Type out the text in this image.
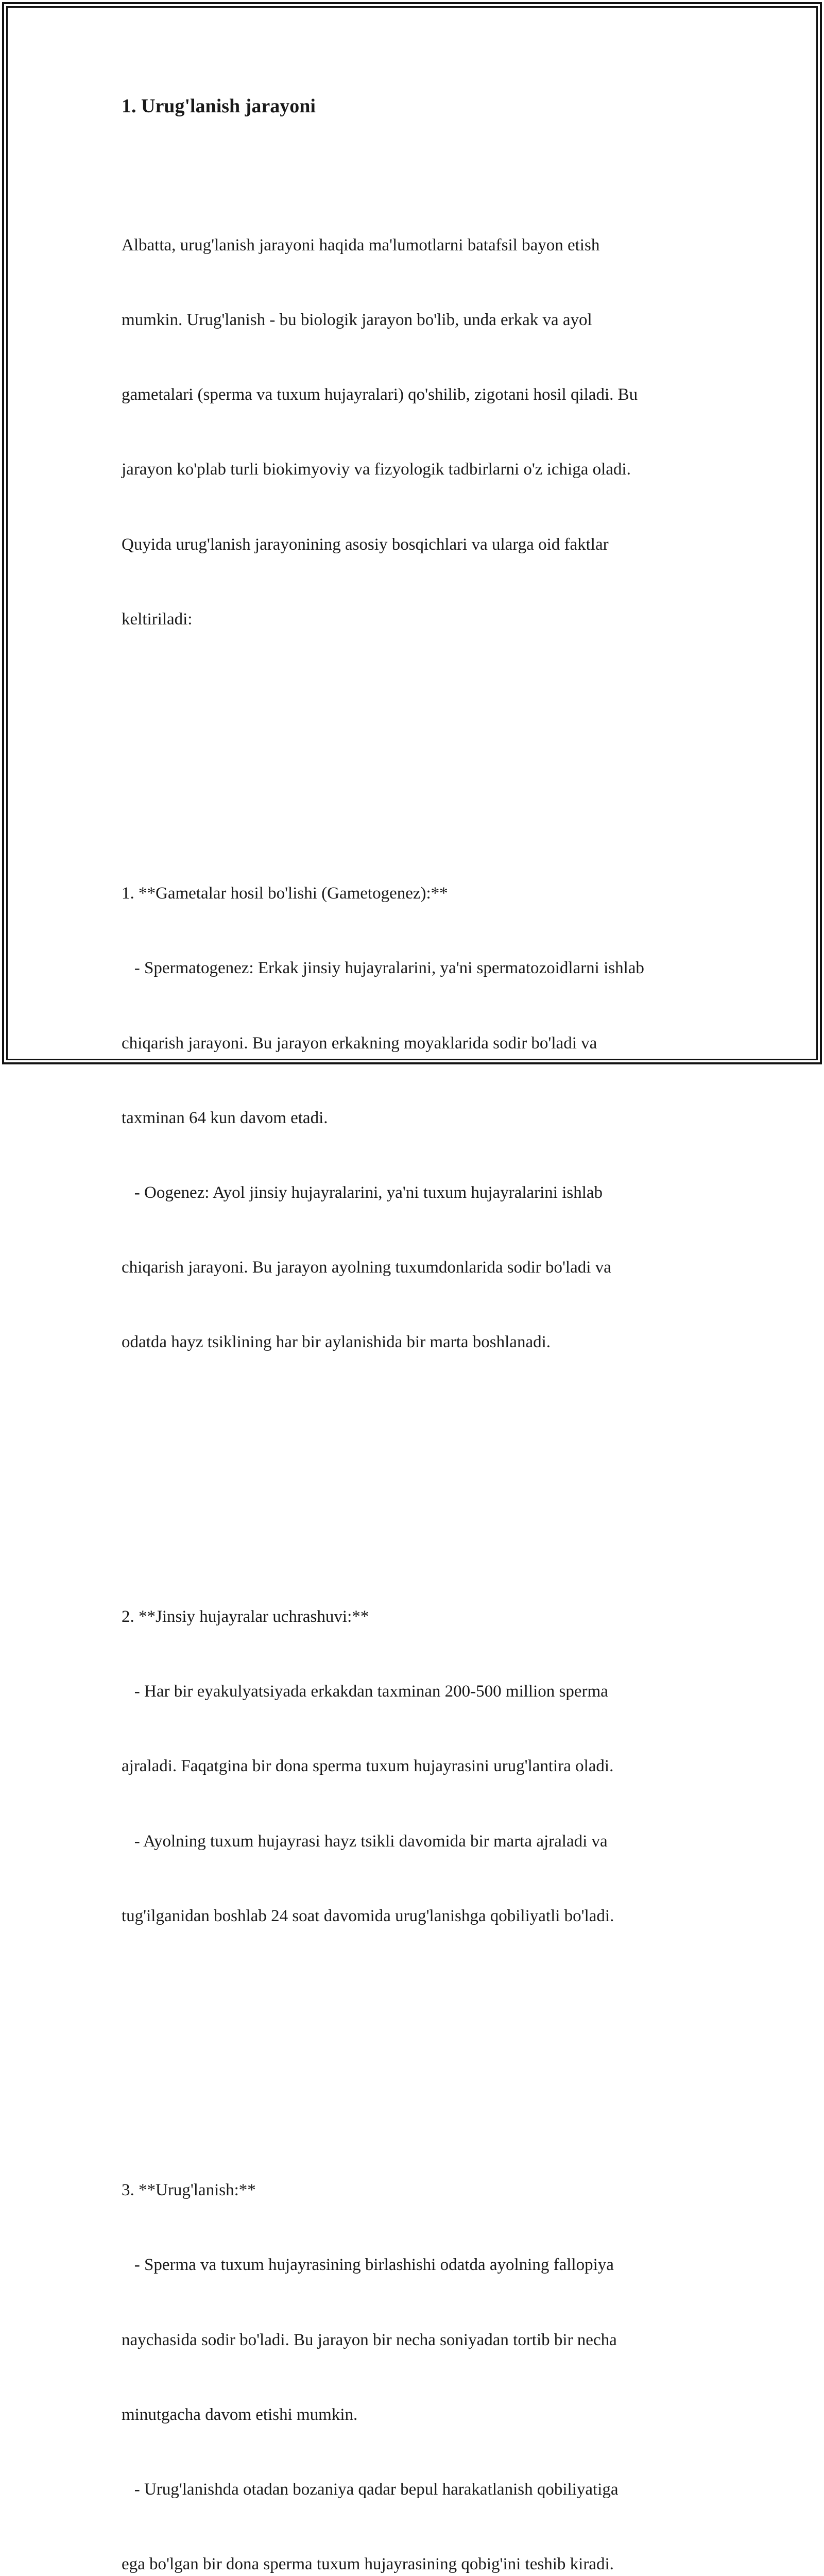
1. Urug'lanish jarayoni

Albatta, urug'lanish jarayoni haqida ma'lumotlarni batafsil bayon etish

mumkin. Urug'lanish - bu biologik jarayon bo'lib, unda erkak va ayol

gametalari (sperma va tuxum hujayralari) qo'shilib, zigotani hosil qiladi. Bu

jarayon ko'plab turli biokimyoviy va fizyologik tadbirlarni o'z ichiga oladi.

Quyida urug'lanish jarayonining asosiy bosqichlari va ularga oid faktlar

keltiriladi:

1. **Gametalar hosil bo'lishi (Gametogenez):**

- Spermatogenez: Erkak jinsiy hujayralarini, ya'ni spermatozoidlarni ishlab

chiqarish jarayoni. Bu jarayon erkakning moyaklarida sodir bo'ladi va

taxminan 64 kun davom etadi.

- Oogenez: Ayol jinsiy hujayralarini, ya'ni tuxum hujayralarini ishlab

chiqarish jarayoni. Bu jarayon ayolning tuxumdonlarida sodir bo'ladi va

odatda hayz tsiklining har bir aylanishida bir marta boshlanadi.

2. **Jinsiy hujayralar uchrashuvi:**

- Har bir eyakulyatsiyada erkakdan taxminan 200-500 million sperma

ajraladi. Faqatgina bir dona sperma tuxum hujayrasini urug'lantira oladi.

- Ayolning tuxum hujayrasi hayz tsikli davomida bir marta ajraladi va

tug'ilganidan boshlab 24 soat davomida urug'lanishga qobiliyatli bo'ladi.

3. **Urug'lanish:**

- Sperma va tuxum hujayrasining birlashishi odatda ayolning fallopiya

naychasida sodir bo'ladi. Bu jarayon bir necha soniyadan tortib bir necha

minutgacha davom etishi mumkin.

- Urug'lanishda otadan bozaniya qadar bepul harakatlanish qobiliyatiga

ega bo'lgan bir dona sperma tuxum hujayrasining qobig'ini teshib kiradi.
